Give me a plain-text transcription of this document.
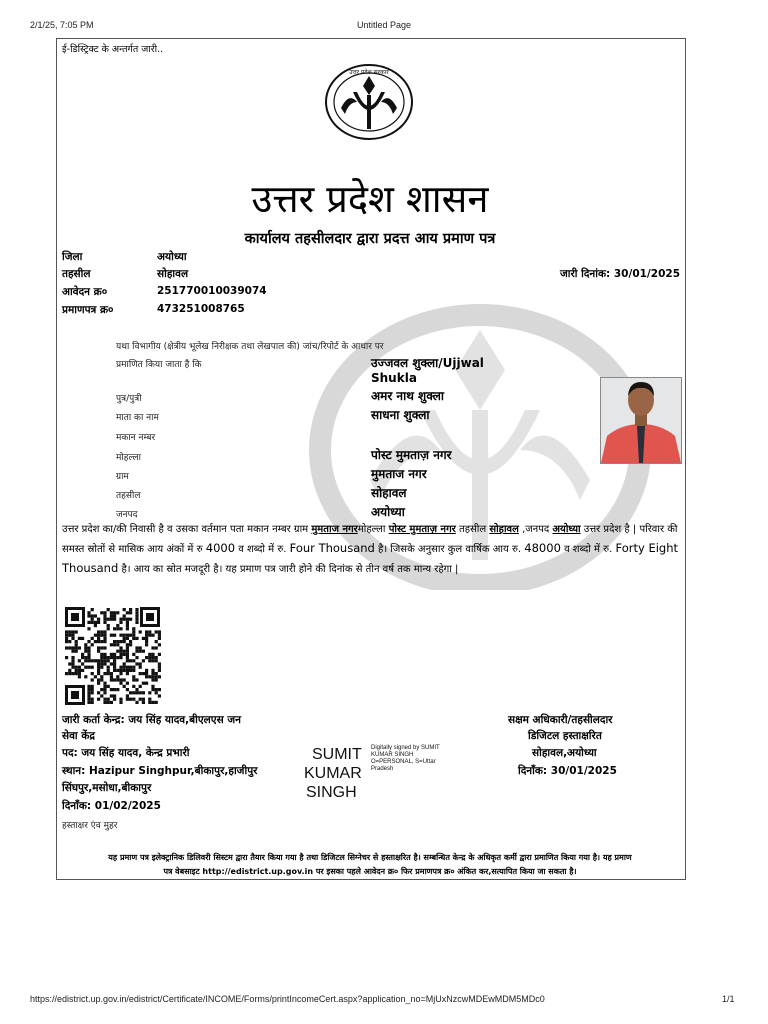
2/1/25, 7:05 PM	Untitled Page
ई-डिस्ट्रिक्ट के अन्तर्गत जारी..
उत्तर प्रदेश सरकार
उत्तर प्रदेश शासन
कार्यालय तहसीलदार द्वारा प्रदत्त आय प्रमाण पत्र
जिला	अयोध्या
तहसील	सोहावल
आवेदन क्र०	251770010039074
प्रमाणपत्र क्र०	473251008765
जारी दिनांक: 30/01/2025
यथा विभागीय (क्षेत्रीय भूलेख निरीक्षक तथा लेखपाल की) जांच/रिपोर्ट के आधार पर
प्रमाणित किया जाता है कि	उज्जवल शुक्ला/Ujjwal
Shukla
पुत्र/पुत्री	अमर नाथ शुक्ला
माता का नाम	साधना शुक्ला
मकान नम्बर
मोहल्ला	पोस्ट मुमताज़ नगर
ग्राम	मुमताज नगर
तहसील	सोहावल
जनपद	अयोध्या
उत्तर प्रदेश का/की निवासी है व उसका वर्तमान पता मकान नम्बर ग्राम मुमताज नगरमोहल्ला पोस्ट मुमताज़ नगर तहसील सोहावल ,जनपद अयोध्या उत्तर प्रदेश है | परिवार की समस्त स्रोतों से मासिक आय अंकों में रु 4000 व शब्दो में रु. Four Thousand है। जिसके अनुसार कुल वार्षिक आय रु. 48000 व शब्दो में रु. Forty Eight Thousand है। आय का स्रोत मजदूरी है। यह प्रमाण पत्र जारी होने की दिनांक से तीन वर्ष तक मान्य रहेगा |
जारी कर्ता केन्द्र: जय सिंह यादव,बीएलएस जन
सेवा केंद्र
पद: जय सिंह यादव, केन्द्र प्रभारी
स्थान: Hazipur Singhpur,बीकापुर,हाजीपुर
सिंघपुर,मसोधा,बीकापुर
दिनाँक: 01/02/2025
हस्ताक्षर एंव मुहर
SUMIT
KUMAR
SINGH
Digitally signed by SUMIT
KUMAR SINGH
O=PERSONAL, S=Uttar
Pradesh
सक्षम अधिकारी/तहसीलदार
डिजिटल हस्ताक्षरित
सोहावल,अयोध्या
दिनाँक: 30/01/2025
यह प्रमाण पत्र इलेक्ट्रानिक डिलिवरी सिस्टम द्वारा तैयार किया गया है तथा डिजिटल सिग्नेचर से हस्ताक्षरित है। सम्बन्धित केन्द्र के अधिकृत कर्मी द्वारा प्रमाणित किया गया है। यह प्रमाण
पत्र वेबसाइट http://edistrict.up.gov.in पर इसका पहले आवेदन क्र० फिर प्रमाणपत्र क्र० अंकित कर,सत्यापित किया जा सकता है।
https://edistrict.up.gov.in/edistrict/Certificate/INCOME/Forms/printIncomeCert.aspx?application_no=MjUxNzcwMDEwMDM5MDc0	1/1
